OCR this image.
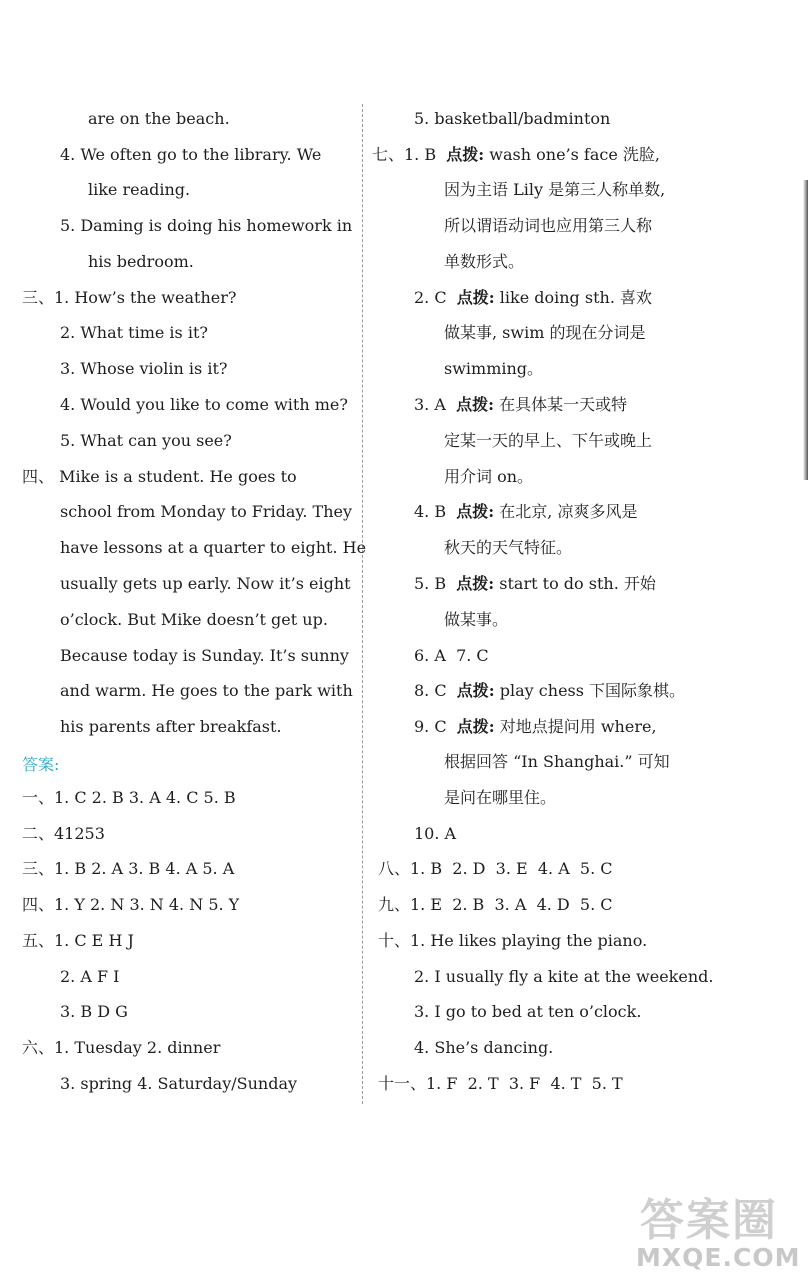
are on the beach.
4. We often go to the library. We
like reading.
5. Daming is doing his homework in
his bedroom.
三、1. How’s the weather?
2. What time is it?
3. Whose violin is it?
4. Would you like to come with me?
5. What can you see?
四、 Mike is a student. He goes to
school from Monday to Friday. They
have lessons at a quarter to eight. He
usually gets up early. Now it’s eight
o’clock. But Mike doesn’t get up.
Because today is Sunday. It’s sunny
and warm. He goes to the park with
his parents after breakfast.
答案:
一、1. C 2. B 3. A 4. C 5. B
二、41253
三、1. B 2. A 3. B 4. A 5. A
四、1. Y 2. N 3. N 4. N 5. Y
五、1. C E H J
2. A F I
3. B D G
六、1. Tuesday 2. dinner
3. spring 4. Saturday/Sunday
5. basketball/badminton
七、1. B  点拨: wash one’s face 洗脸,
因为主语 Lily 是第三人称单数,
所以谓语动词也应用第三人称
单数形式。
2. C  点拨: like doing sth. 喜欢
做某事, swim 的现在分词是
swimming。
3. A  点拨: 在具体某一天或特
定某一天的早上、下午或晚上
用介词 on。
4. B  点拨: 在北京, 凉爽多风是
秋天的天气特征。
5. B  点拨: start to do sth. 开始
做某事。
6. A  7. C
8. C  点拨: play chess 下国际象棋。
9. C  点拨: 对地点提问用 where,
根据回答 “In Shanghai.” 可知
是问在哪里住。
10. A
八、1. B  2. D  3. E  4. A  5. C
九、1. E  2. B  3. A  4. D  5. C
十、1. He likes playing the piano.
2. I usually fly a kite at the weekend.
3. I go to bed at ten o’clock.
4. She’s dancing.
十一、1. F  2. T  3. F  4. T  5. T
答案圈
MXQE.COM
